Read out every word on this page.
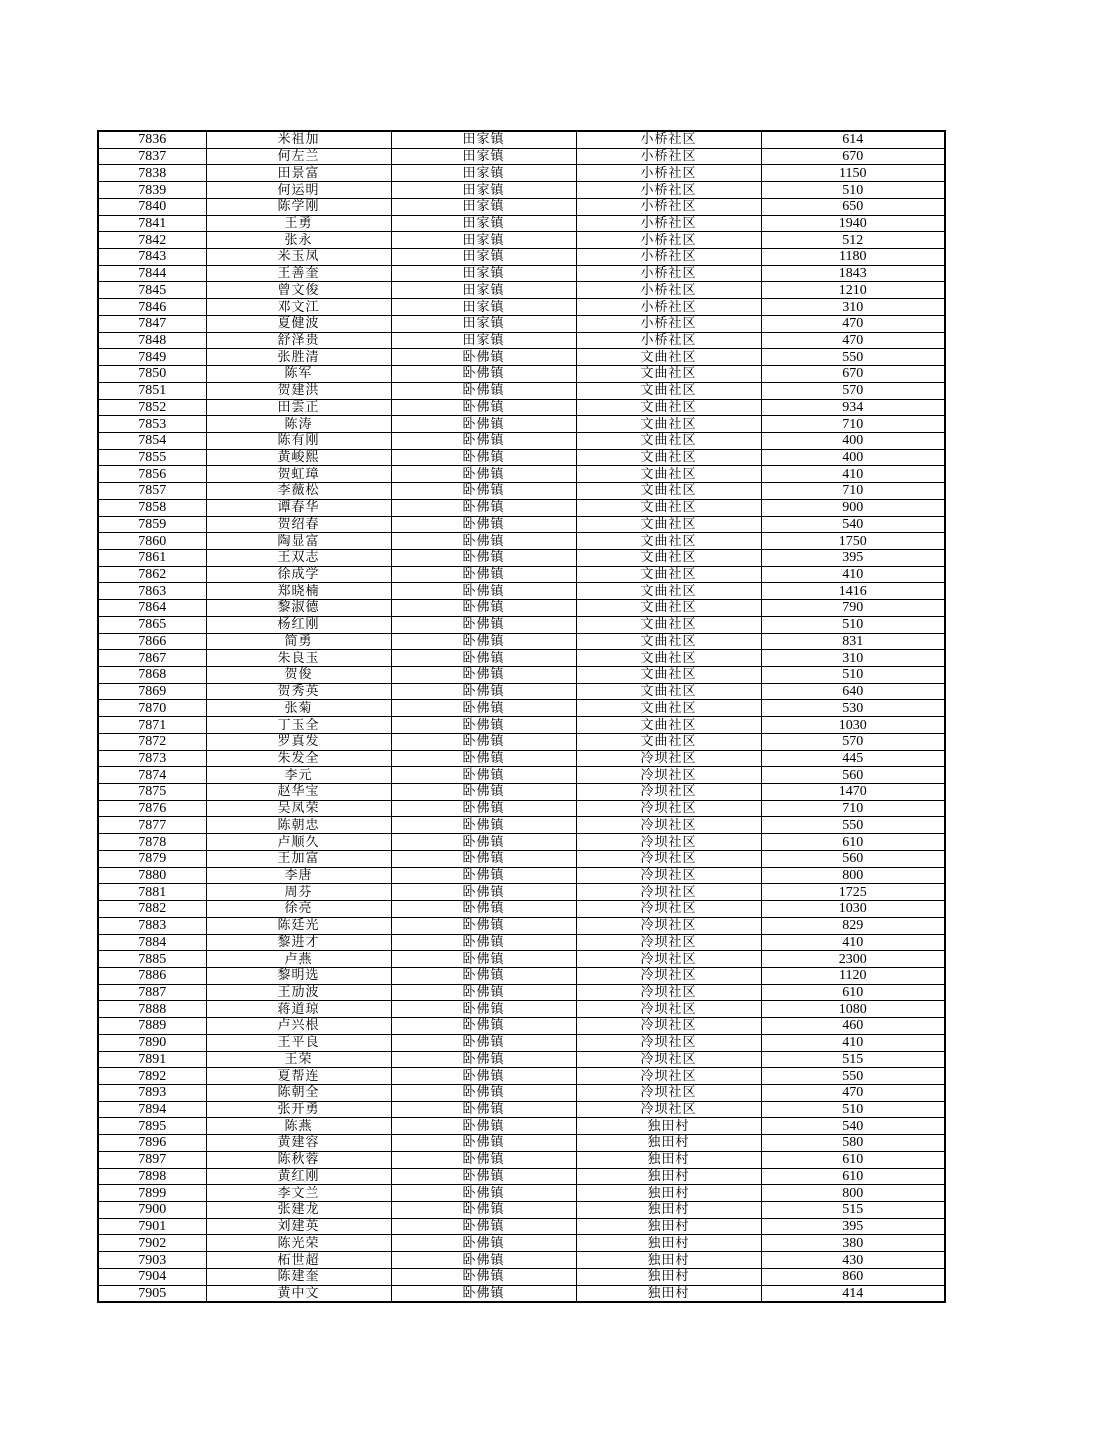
7836	米祖加	田家镇	小桥社区	614
7837	何左兰	田家镇	小桥社区	670
7838	田景富	田家镇	小桥社区	1150
7839	何运明	田家镇	小桥社区	510
7840	陈学刚	田家镇	小桥社区	650
7841	王勇	田家镇	小桥社区	1940
7842	张永	田家镇	小桥社区	512
7843	米玉凤	田家镇	小桥社区	1180
7844	王善奎	田家镇	小桥社区	1843
7845	曾文俊	田家镇	小桥社区	1210
7846	邓文江	田家镇	小桥社区	310
7847	夏健波	田家镇	小桥社区	470
7848	舒泽贵	田家镇	小桥社区	470
7849	张胜清	卧佛镇	文曲社区	550
7850	陈军	卧佛镇	文曲社区	670
7851	贺建洪	卧佛镇	文曲社区	570
7852	田雲正	卧佛镇	文曲社区	934
7853	陈涛	卧佛镇	文曲社区	710
7854	陈有刚	卧佛镇	文曲社区	400
7855	黄峻熙	卧佛镇	文曲社区	400
7856	贺虹璋	卧佛镇	文曲社区	410
7857	李薇松	卧佛镇	文曲社区	710
7858	谭春华	卧佛镇	文曲社区	900
7859	贺绍春	卧佛镇	文曲社区	540
7860	陶显富	卧佛镇	文曲社区	1750
7861	王双志	卧佛镇	文曲社区	395
7862	徐成学	卧佛镇	文曲社区	410
7863	郑晓楠	卧佛镇	文曲社区	1416
7864	黎淑德	卧佛镇	文曲社区	790
7865	杨红刚	卧佛镇	文曲社区	510
7866	简勇	卧佛镇	文曲社区	831
7867	朱良玉	卧佛镇	文曲社区	310
7868	贺俊	卧佛镇	文曲社区	510
7869	贺秀英	卧佛镇	文曲社区	640
7870	张菊	卧佛镇	文曲社区	530
7871	丁玉全	卧佛镇	文曲社区	1030
7872	罗真发	卧佛镇	文曲社区	570
7873	朱发全	卧佛镇	冷坝社区	445
7874	李元	卧佛镇	冷坝社区	560
7875	赵华宝	卧佛镇	冷坝社区	1470
7876	吴凤荣	卧佛镇	冷坝社区	710
7877	陈朝忠	卧佛镇	冷坝社区	550
7878	卢顺久	卧佛镇	冷坝社区	610
7879	王加富	卧佛镇	冷坝社区	560
7880	李唐	卧佛镇	冷坝社区	800
7881	周芬	卧佛镇	冷坝社区	1725
7882	徐亮	卧佛镇	冷坝社区	1030
7883	陈廷光	卧佛镇	冷坝社区	829
7884	黎进才	卧佛镇	冷坝社区	410
7885	卢燕	卧佛镇	冷坝社区	2300
7886	黎明选	卧佛镇	冷坝社区	1120
7887	王劢波	卧佛镇	冷坝社区	610
7888	蒋道琼	卧佛镇	冷坝社区	1080
7889	卢兴根	卧佛镇	冷坝社区	460
7890	王平良	卧佛镇	冷坝社区	410
7891	王荣	卧佛镇	冷坝社区	515
7892	夏帮连	卧佛镇	冷坝社区	550
7893	陈朝全	卧佛镇	冷坝社区	470
7894	张开勇	卧佛镇	冷坝社区	510
7895	陈燕	卧佛镇	独田村	540
7896	黄建容	卧佛镇	独田村	580
7897	陈秋蓉	卧佛镇	独田村	610
7898	黄红刚	卧佛镇	独田村	610
7899	李文兰	卧佛镇	独田村	800
7900	张建龙	卧佛镇	独田村	515
7901	刘建英	卧佛镇	独田村	395
7902	陈光荣	卧佛镇	独田村	380
7903	柘世超	卧佛镇	独田村	430
7904	陈建奎	卧佛镇	独田村	860
7905	黄中文	卧佛镇	独田村	414
